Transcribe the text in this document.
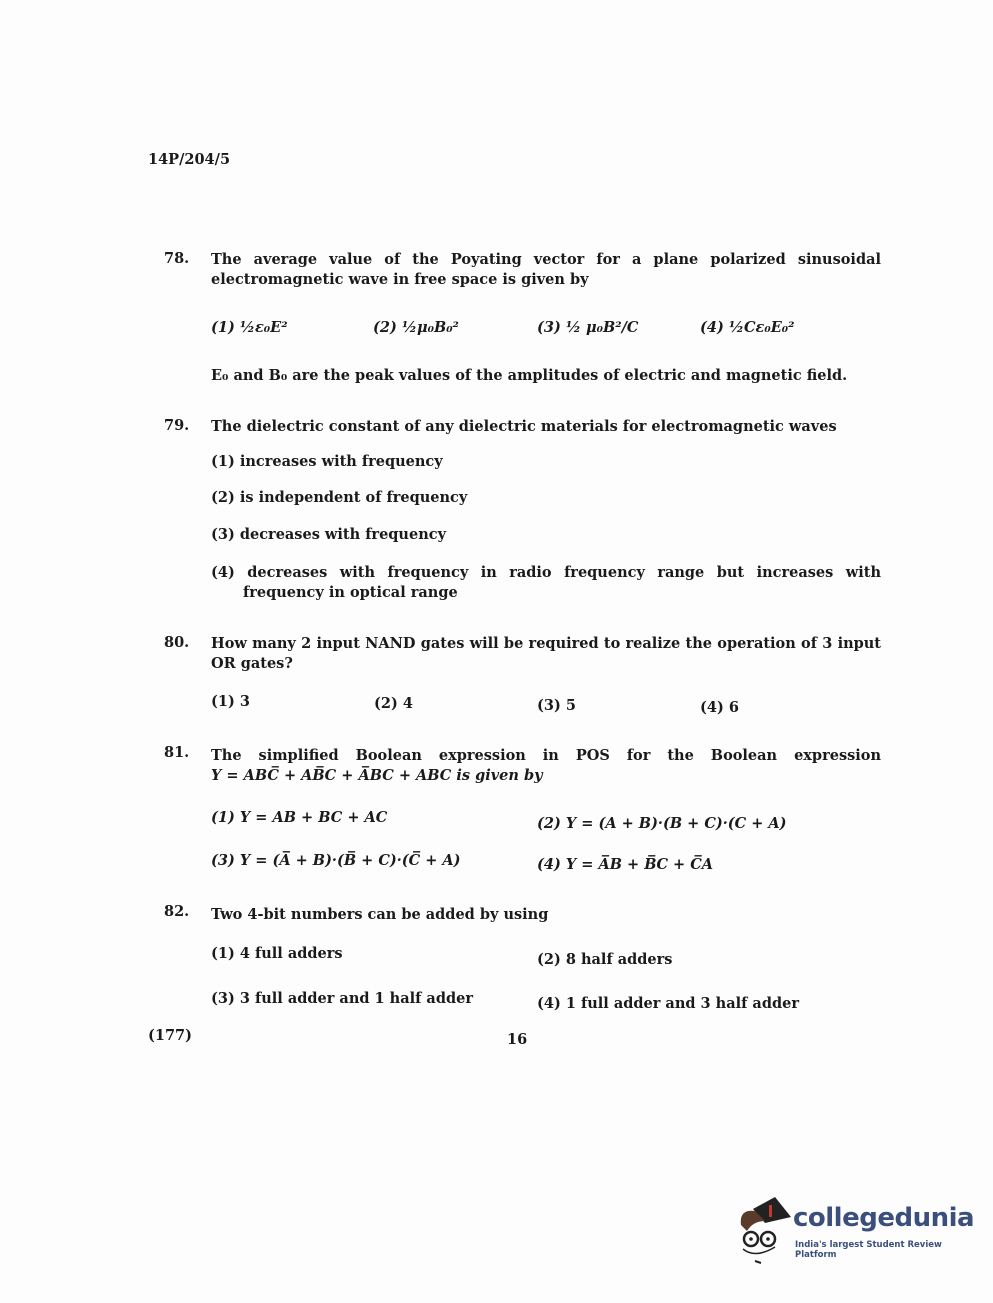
14P/204/5
78. The average value of the Poyating vector for a plane polarized sinusoidal electromagnetic wave in free space is given by
(1) ½ε₀E²	(2) ½μ₀B₀²	(3) ½ μ₀B²/C	(4) ½Cε₀E₀²
E₀ and B₀ are the peak values of the amplitudes of electric and magnetic field.
79. The dielectric constant of any dielectric materials for electromagnetic waves
(1) increases with frequency
(2) is independent of frequency
(3) decreases with frequency
(4) decreases with frequency in radio frequency range but increases with frequency in optical range
80. How many 2 input NAND gates will be required to realize the operation of 3 input OR gates?
(1) 3	(2) 4	(3) 5	(4) 6
81. The simplified Boolean expression in POS for the Boolean expression
Y = ABC̅ + AB̅C + A̅BC + ABC is given by
(1) Y = AB + BC + AC	(2) Y = (A + B)·(B + C)·(C + A)
(3) Y = (A̅ + B)·(B̅ + C)·(C̅ + A)	(4) Y = A̅B + B̅C + C̅A
82. Two 4-bit numbers can be added by using
(1) 4 full adders	(2) 8 half adders
(3) 3 full adder and 1 half adder	(4) 1 full adder and 3 half adder
(177)	16
collegedunia
India's largest Student Review Platform
